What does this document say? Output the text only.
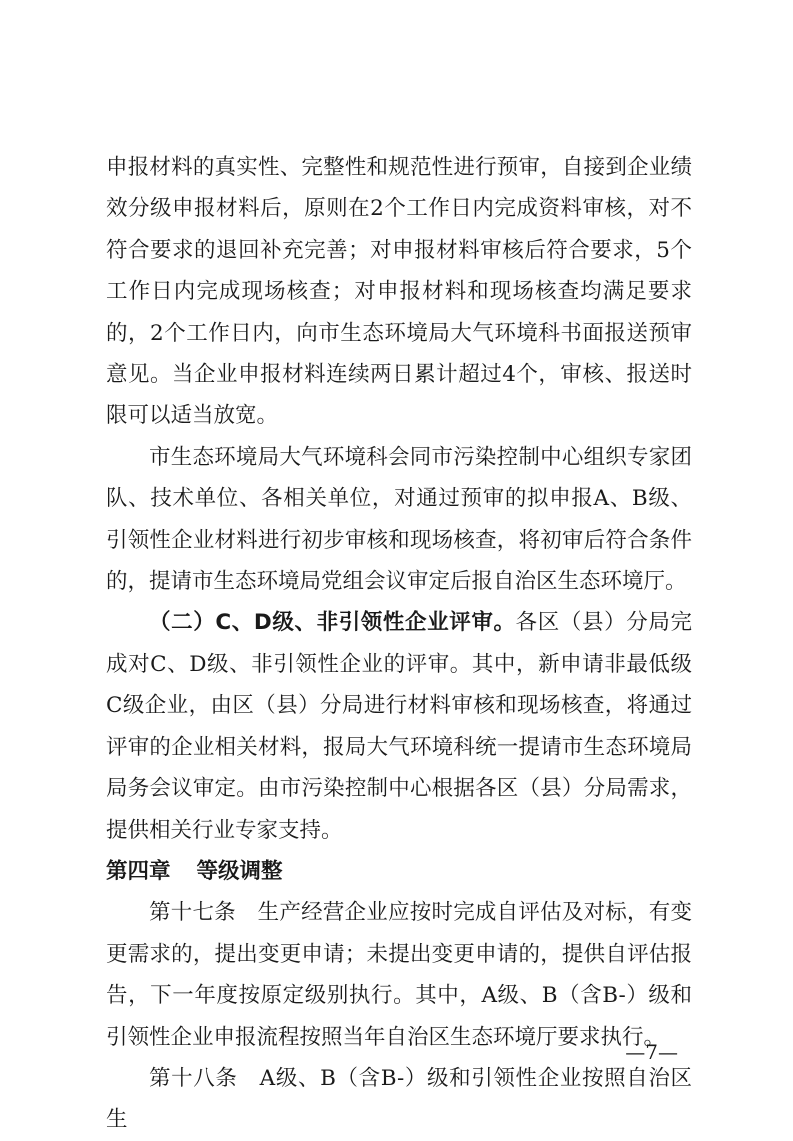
申报材料的真实性、完整性和规范性进行预审，自接到企业绩效分级申报材料后，原则在2个工作日内完成资料审核，对不符合要求的退回补充完善；对申报材料审核后符合要求，5个工作日内完成现场核查；对申报材料和现场核查均满足要求的，2个工作日内，向市生态环境局大气环境科书面报送预审意见。当企业申报材料连续两日累计超过4个，审核、报送时限可以适当放宽。

市生态环境局大气环境科会同市污染控制中心组织专家团队、技术单位、各相关单位，对通过预审的拟申报A、B级、引领性企业材料进行初步审核和现场核查，将初审后符合条件的，提请市生态环境局党组会议审定后报自治区生态环境厅。

（二）C、D级、非引领性企业评审。各区（县）分局完成对C、D级、非引领性企业的评审。其中，新申请非最低级C级企业，由区（县）分局进行材料审核和现场核查，将通过评审的企业相关材料，报局大气环境科统一提请市生态环境局局务会议审定。由市污染控制中心根据各区（县）分局需求，提供相关行业专家支持。

第四章 等级调整

第十七条　生产经营企业应按时完成自评估及对标，有变更需求的，提出变更申请；未提出变更申请的，提供自评估报告，下一年度按原定级别执行。其中，A级、B（含B-）级和引领性企业申报流程按照当年自治区生态环境厅要求执行。

第十八条　A级、B（含B-）级和引领性企业按照自治区生

—7—
